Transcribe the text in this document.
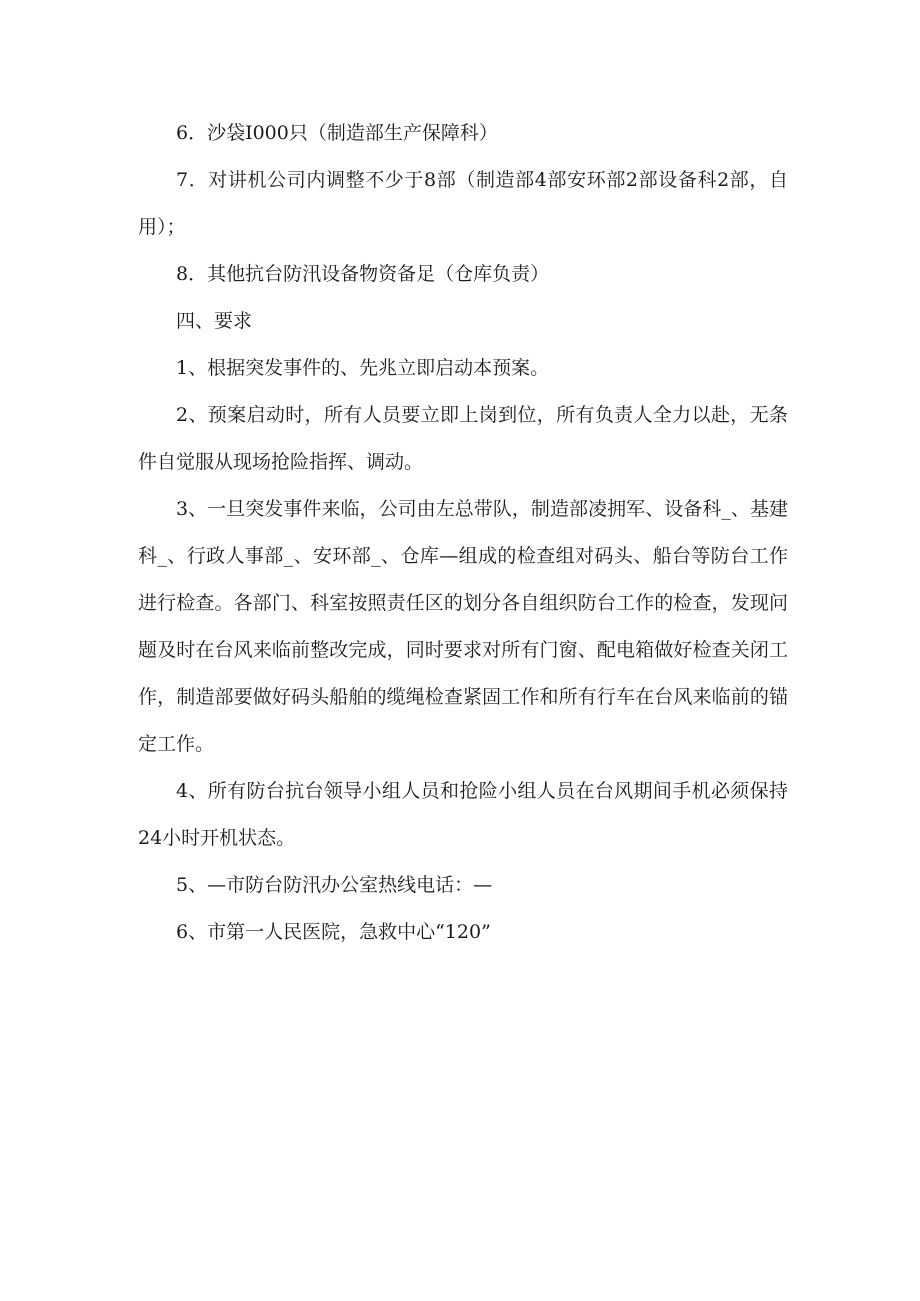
6．沙袋I000只（制造部生产保障科）

7．对讲机公司内调整不少于8部（制造部4部安环部2部设备科2部，自用）；

8．其他抗台防汛设备物资备足（仓库负责）

四、要求

1、根据突发事件的、先兆立即启动本预案。

2、预案启动时，所有人员要立即上岗到位，所有负责人全力以赴，无条件自觉服从现场抢险指挥、调动。

3、一旦突发事件来临，公司由左总带队，制造部凌拥军、设备科_、基建科_、行政人事部_、安环部_、仓库—组成的检查组对码头、船台等防台工作进行检查。各部门、科室按照责任区的划分各自组织防台工作的检查，发现问题及时在台风来临前整改完成，同时要求对所有门窗、配电箱做好检查关闭工作，制造部要做好码头船舶的缆绳检查紧固工作和所有行车在台风来临前的锚定工作。

4、所有防台抗台领导小组人员和抢险小组人员在台风期间手机必须保持24小时开机状态。

5、—市防台防汛办公室热线电话：—

6、市第一人民医院，急救中心“120”
